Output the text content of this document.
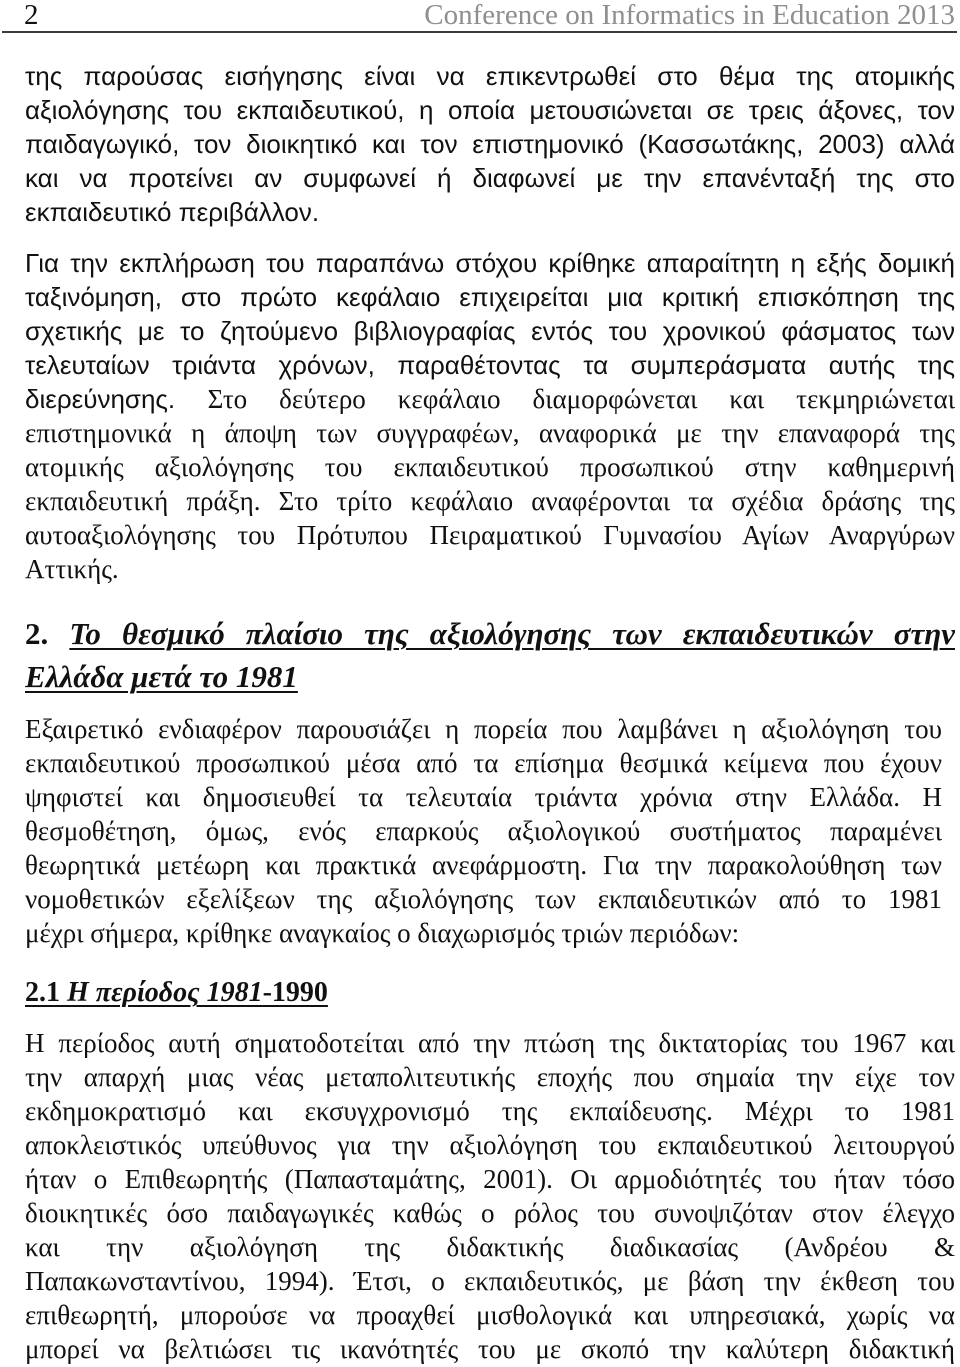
2	Conference on Informatics in Education 2013
της παρούσας εισήγησης είναι να επικεντρωθεί στο θέμα της ατομικής
αξιολόγησης του εκπαιδευτικού, η οποία μετουσιώνεται σε τρεις άξονες, τον
παιδαγωγικό, τον διοικητικό και τον επιστημονικό (Κασσωτάκης, 2003) αλλά
και να προτείνει αν συμφωνεί ή διαφωνεί με την επανένταξή της στο
εκπαιδευτικό περιβάλλον.
Για την εκπλήρωση του παραπάνω στόχου κρίθηκε απαραίτητη η εξής δομική
ταξινόμηση, στο πρώτο κεφάλαιο επιχειρείται μια κριτική επισκόπηση της
σχετικής με το ζητούμενο βιβλιογραφίας εντός του χρονικού φάσματος των
τελευταίων τριάντα χρόνων, παραθέτοντας τα συμπεράσματα αυτής της
διερεύνησης. Στο δεύτερο κεφάλαιο διαμορφώνεται και τεκμηριώνεται
επιστημονικά η άποψη των συγγραφέων, αναφορικά με την επαναφορά της
ατομικής αξιολόγησης του εκπαιδευτικού προσωπικού στην καθημερινή
εκπαιδευτική πράξη. Στο τρίτο κεφάλαιο αναφέρονται τα σχέδια δράσης της
αυτοαξιολόγησης του Πρότυπου Πειραματικού Γυμνασίου Αγίων Αναργύρων
Αττικής.
2. Το θεσμικό πλαίσιο της αξιολόγησης των εκπαιδευτικών στην
Ελλάδα μετά το 1981
Εξαιρετικό ενδιαφέρον παρουσιάζει η πορεία που λαμβάνει η αξιολόγηση του
εκπαιδευτικού προσωπικού μέσα από τα επίσημα θεσμικά κείμενα που έχουν
ψηφιστεί και δημοσιευθεί τα τελευταία τριάντα χρόνια στην Ελλάδα. Η
θεσμοθέτηση, όμως, ενός επαρκούς αξιολογικού συστήματος παραμένει
θεωρητικά μετέωρη και πρακτικά ανεφάρμοστη. Για την παρακολούθηση των
νομοθετικών εξελίξεων της αξιολόγησης των εκπαιδευτικών από το 1981
μέχρι σήμερα, κρίθηκε αναγκαίος ο διαχωρισμός τριών περιόδων:
2.1 Η περίοδος 1981-1990
Η περίοδος αυτή σηματοδοτείται από την πτώση της δικτατορίας του 1967 και
την απαρχή μιας νέας μεταπολιτευτικής εποχής που σημαία την είχε τον
εκδημοκρατισμό και εκσυγχρονισμό της εκπαίδευσης. Μέχρι το 1981
αποκλειστικός υπεύθυνος για την αξιολόγηση του εκπαιδευτικού λειτουργού
ήταν ο Επιθεωρητής (Παπασταμάτης, 2001). Οι αρμοδιότητές του ήταν τόσο
διοικητικές όσο παιδαγωγικές καθώς ο ρόλος του συνοψιζόταν στον έλεγχο
και την αξιολόγηση της διδακτικής διαδικασίας (Ανδρέου &
Παπακωνσταντίνου, 1994). Έτσι, ο εκπαιδευτικός, με βάση την έκθεση του
επιθεωρητή, μπορούσε να προαχθεί μισθολογικά και υπηρεσιακά, χωρίς να
μπορεί να βελτιώσει τις ικανότητές του με σκοπό την καλύτερη διδακτική
